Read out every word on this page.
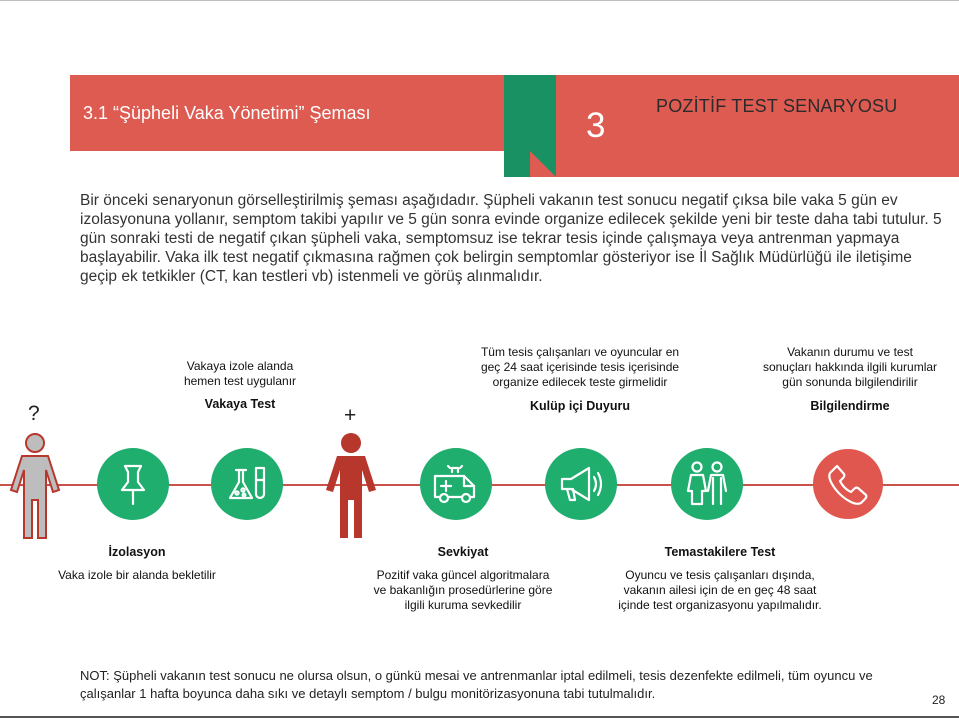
3.1 “Şüpheli Vaka Yönetimi” Şeması	3	POZİTİF TEST SENARYOSU
Bir önceki senaryonun görselleştirilmiş şeması aşağıdadır. Şüpheli vakanın test sonucu negatif çıksa bile vaka 5 gün ev izolasyonuna yollanır, semptom takibi yapılır ve 5 gün sonra evinde organize edilecek şekilde yeni bir teste daha tabi tutulur. 5 gün sonraki testi de negatif çıkan şüpheli vaka, semptomsuz ise tekrar tesis içinde çalışmaya veya antrenman yapmaya başlayabilir. Vaka ilk test negatif çıkmasına rağmen çok belirgin semptomlar gösteriyor ise İl Sağlık Müdürlüğü ile iletişime geçip ek tetkikler (CT, kan testleri vb) istenmeli ve görüş alınmalıdır.
?	+
Vakaya izole alanda
hemen test uygulanır
Vakaya Test
Tüm tesis çalışanları ve oyuncular en
geç 24 saat içerisinde tesis içerisinde
organize edilecek teste girmelidir
Kulüp içi Duyuru
Vakanın durumu ve test
sonuçları hakkında ilgili kurumlar
gün sonunda bilgilendirilir
Bilgilendirme
İzolasyon
Vaka izole bir alanda bekletilir
Sevkiyat
Pozitif vaka güncel algoritmalara
ve bakanlığın prosedürlerine göre
ilgili kuruma sevkedilir
Temastakilere Test
Oyuncu ve tesis çalışanları dışında,
vakanın ailesi için de en geç 48 saat
içinde test organizasyonu yapılmalıdır.
NOT: Şüpheli vakanın test sonucu ne olursa olsun, o günkü mesai ve antrenmanlar iptal edilmeli, tesis dezenfekte edilmeli, tüm oyuncu ve çalışanlar 1 hafta boyunca daha sıkı ve detaylı semptom / bulgu monitörizasyonuna tabi tutulmalıdır.	28
